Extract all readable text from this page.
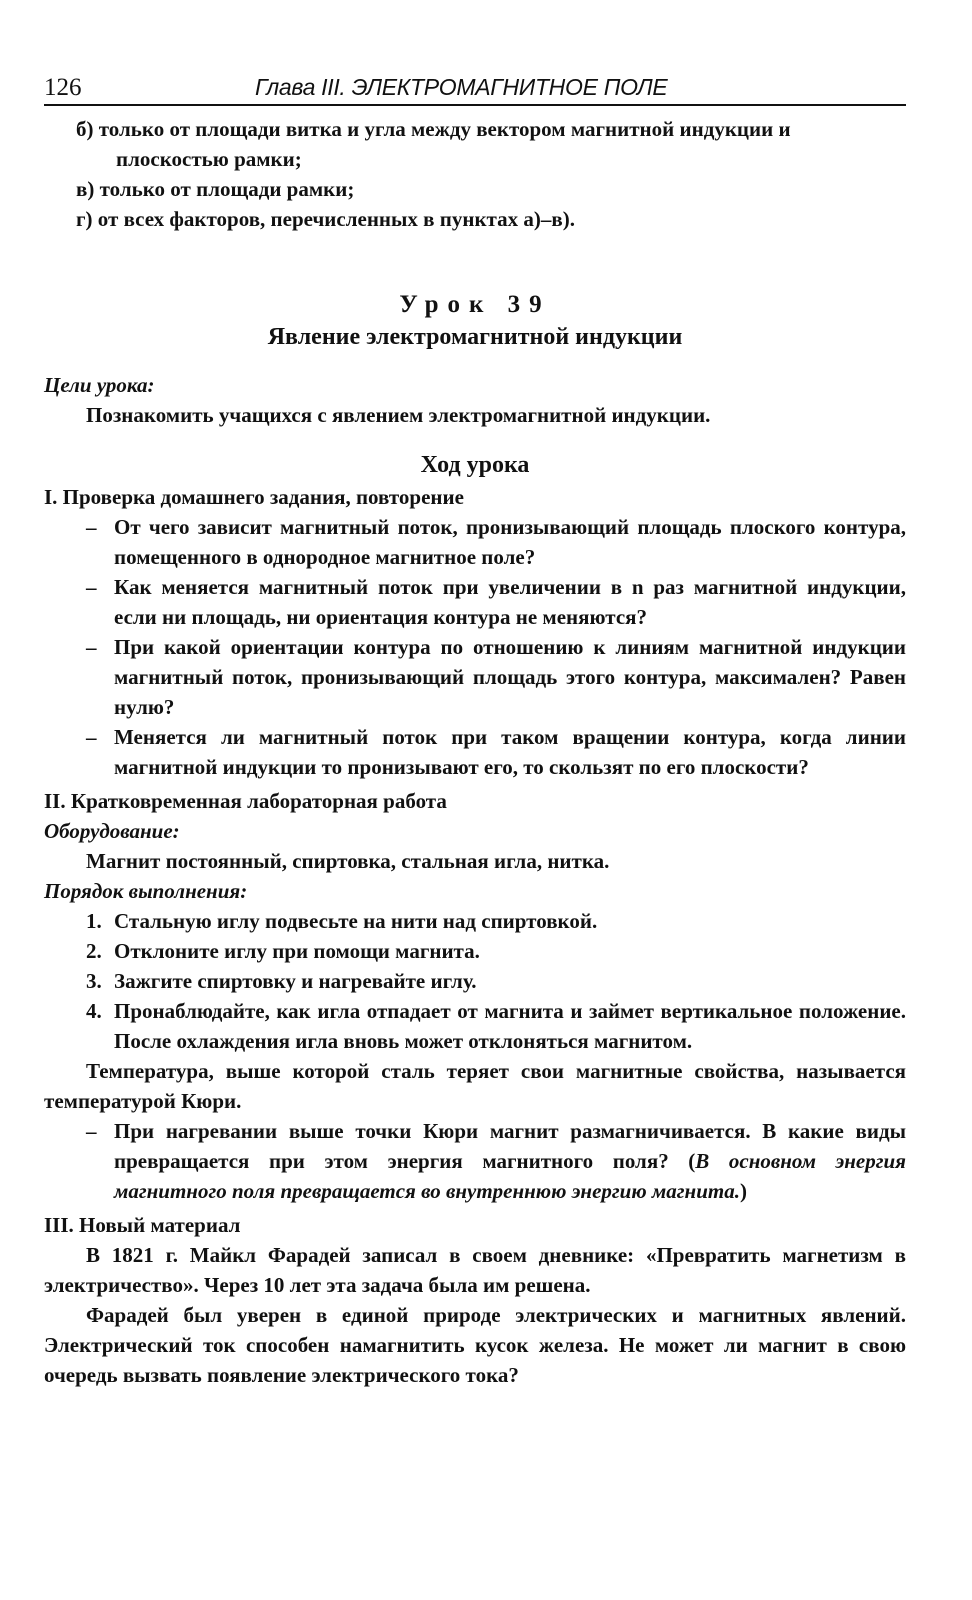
126	Глава III. ЭЛЕКТРОМАГНИТНОЕ ПОЛЕ
б) только от площади витка и угла между вектором магнитной индукции и плоскостью рамки;
в) только от площади рамки;
г) от всех факторов, перечисленных в пунктах а)–в).
Урок 39
Явление электромагнитной индукции
Цели урока:
Познакомить учащихся с явлением электромагнитной индукции.
Ход урока
I. Проверка домашнего задания, повторение
– От чего зависит магнитный поток, пронизывающий площадь плоского контура, помещенного в однородное магнитное поле?
– Как меняется магнитный поток при увеличении в n раз магнитной индукции, если ни площадь, ни ориентация контура не меняются?
– При какой ориентации контура по отношению к линиям магнитной индукции магнитный поток, пронизывающий площадь этого контура, максимален? Равен нулю?
– Меняется ли магнитный поток при таком вращении контура, когда линии магнитной индукции то пронизывают его, то скользят по его плоскости?
II. Кратковременная лабораторная работа
Оборудование:
Магнит постоянный, спиртовка, стальная игла, нитка.
Порядок выполнения:
1. Стальную иглу подвесьте на нити над спиртовкой.
2. Отклоните иглу при помощи магнита.
3. Зажгите спиртовку и нагревайте иглу.
4. Пронаблюдайте, как игла отпадает от магнита и займет вертикальное положение. После охлаждения игла вновь может отклоняться магнитом.
Температура, выше которой сталь теряет свои магнитные свойства, называется температурой Кюри.
– При нагревании выше точки Кюри магнит размагничивается. В какие виды превращается при этом энергия магнитного поля? (В основном энергия магнитного поля превращается во внутреннюю энергию магнита.)
III. Новый материал
В 1821 г. Майкл Фарадей записал в своем дневнике: «Превратить магнетизм в электричество». Через 10 лет эта задача была им решена.
Фарадей был уверен в единой природе электрических и магнитных явлений. Электрический ток способен намагнитить кусок железа. Не может ли магнит в свою очередь вызвать появление электрического тока?
